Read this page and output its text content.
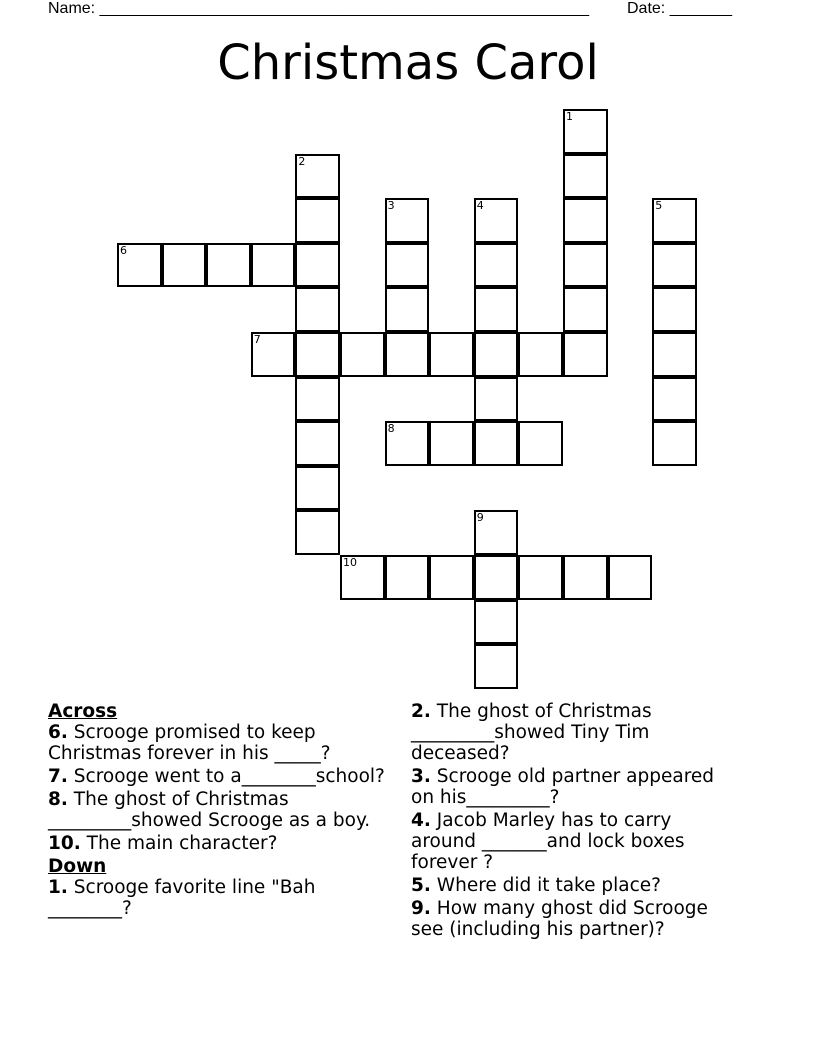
Name: _______________________________________________________ Date: _______
Christmas Carol
1
2
3	4	5
6
7
8
9
10

Across

6. Scrooge promised to keep Christmas forever in his _____?

7. Scrooge went to a________school?

8. The ghost of Christmas _________showed Scrooge as a boy.

10. The main character?

Down

1. Scrooge favorite line "Bah ________?

2. The ghost of Christmas _________showed Tiny Tim deceased?

3. Scrooge old partner appeared on his_________?

4. Jacob Marley has to carry around _______and lock boxes forever ?

5. Where did it take place?

9. How many ghost did Scrooge see (including his partner)?
